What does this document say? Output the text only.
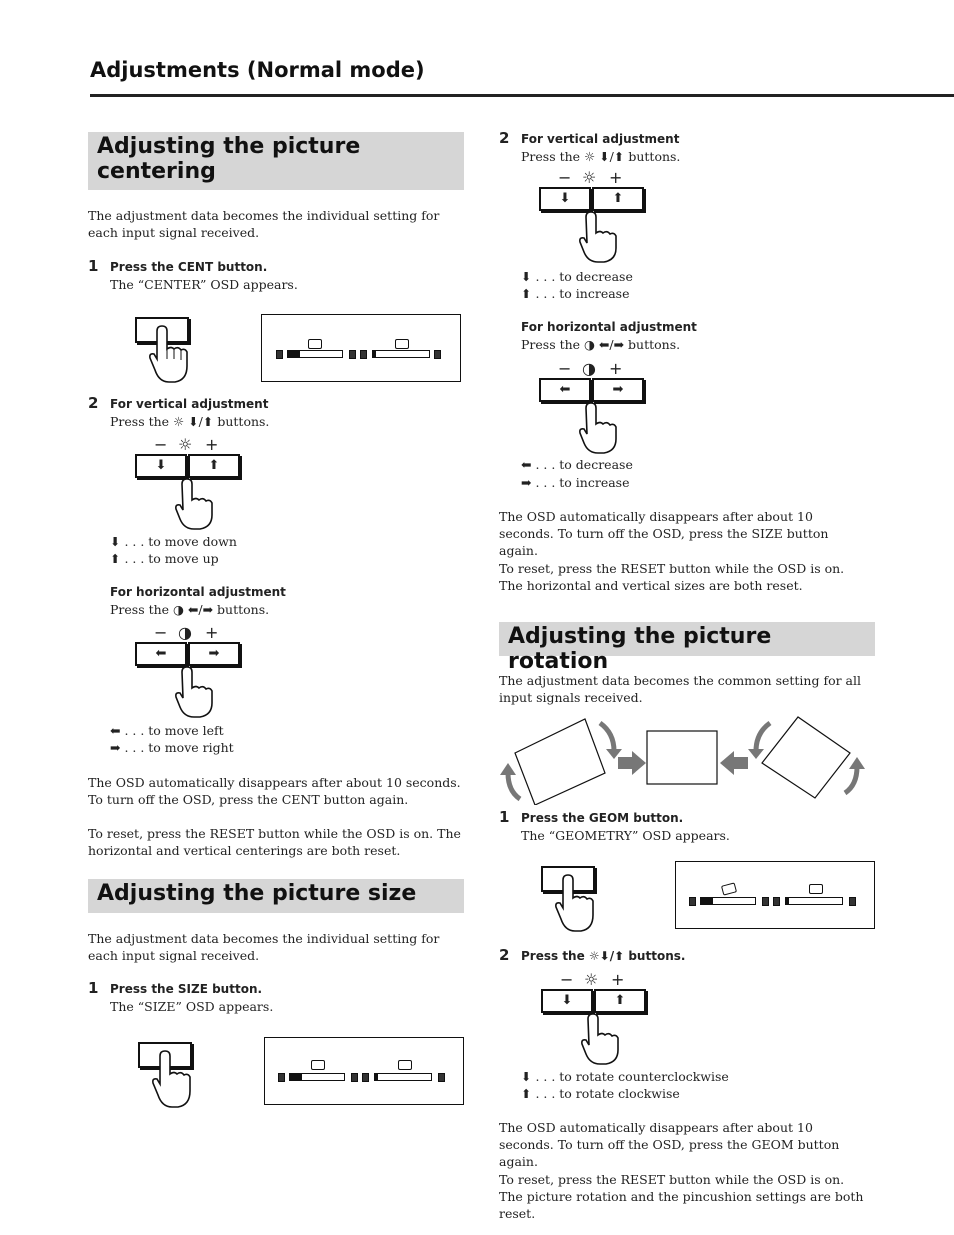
Adjustments (Normal mode)
Adjusting the picture centering
The adjustment data becomes the individual setting for each input signal received.
1 Press the CENT button.
The “CENTER” OSD appears.
2 For vertical adjustment
Press the ☼ ⬇/⬆ buttons.
− ☼ +
⬇	⬆
⬇ . . . to move down
⬆ . . . to move up
For horizontal adjustment
Press the ◑ ⬅/➡ buttons.
− ◑ +
⬅	➡
⬅ . . . to move left
➡ . . . to move right
The OSD automatically disappears after about 10 seconds. To turn off the OSD, press the CENT button again.
To reset, press the RESET button while the OSD is on. The horizontal and vertical centerings are both reset.
Adjusting the picture size
The adjustment data becomes the individual setting for each input signal received.
1 Press the SIZE button.
The “SIZE” OSD appears.
2 For vertical adjustment
Press the ☼ ⬇/⬆ buttons.
− ☼ +
⬇	⬆
⬇ . . . to decrease
⬆ . . . to increase
For horizontal adjustment
Press the ◑ ⬅/➡ buttons.
− ◑ +
⬅	➡
⬅ . . . to decrease
➡ . . . to increase
The OSD automatically disappears after about 10 seconds. To turn off the OSD, press the SIZE button again.
To reset, press the RESET button while the OSD is on. The horizontal and vertical sizes are both reset.
Adjusting the picture rotation
The adjustment data becomes the common setting for all input signals received.
1 Press the GEOM button.
The “GEOMETRY” OSD appears.
2 Press the ☼⬇/⬆ buttons.
− ☼ +
⬇	⬆
⬇ . . . to rotate counterclockwise
⬆ . . . to rotate clockwise
The OSD automatically disappears after about 10 seconds. To turn off the OSD, press the GEOM button again.
To reset, press the RESET button while the OSD is on. The picture rotation and the pincushion settings are both reset.
